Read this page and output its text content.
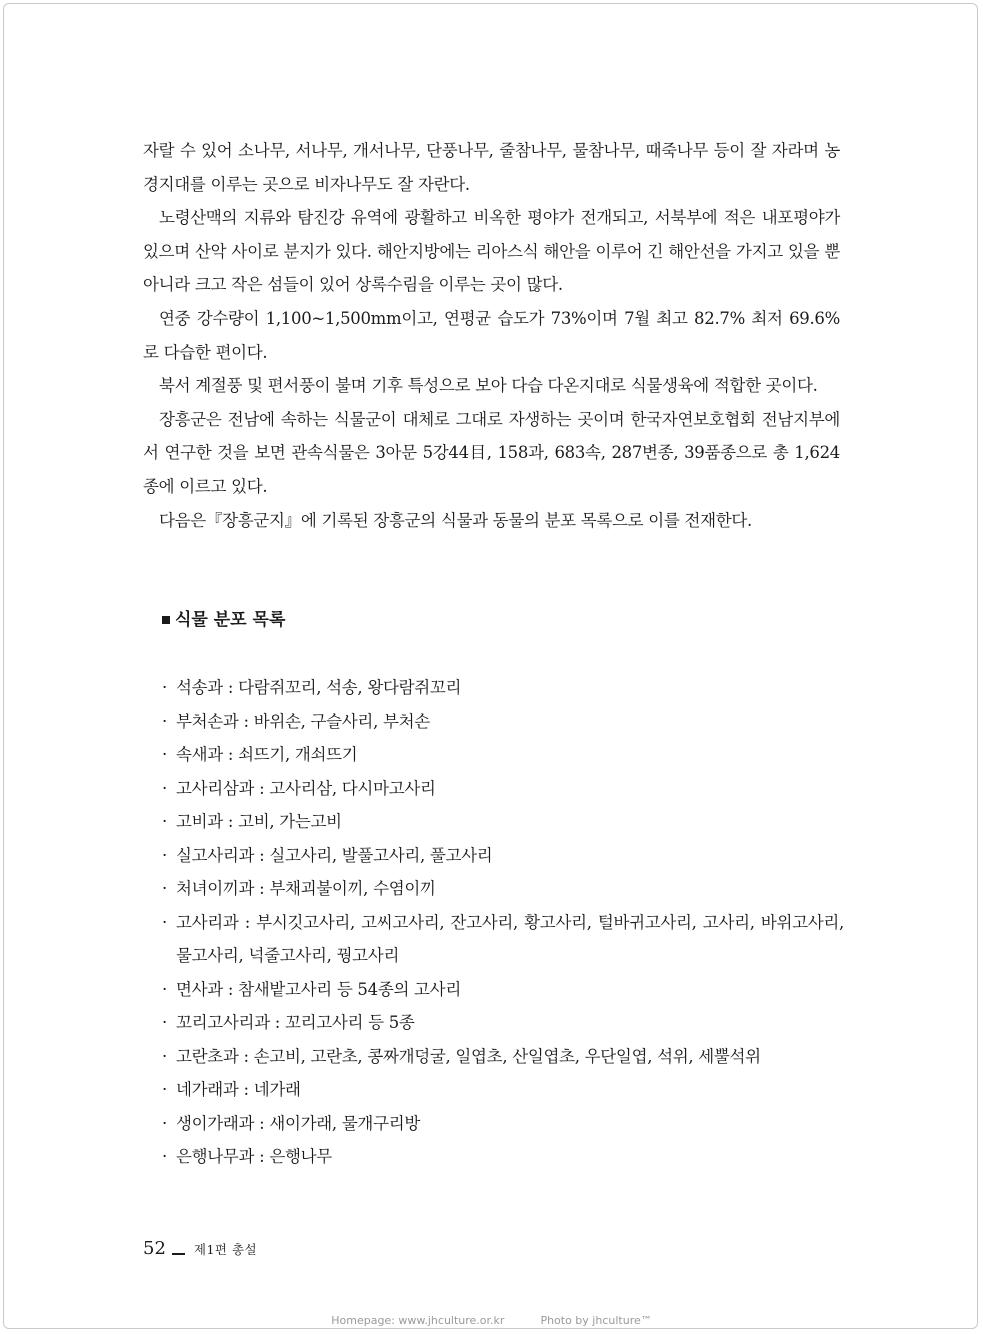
자랄 수 있어 소나무, 서나무, 개서나무, 단풍나무, 줄참나무, 물참나무, 때죽나무 등이 잘 자라며 농경지대를 이루는 곳으로 비자나무도 잘 자란다.

노령산맥의 지류와 탐진강 유역에 광활하고 비옥한 평야가 전개되고, 서북부에 적은 내포평야가 있으며 산악 사이로 분지가 있다. 해안지방에는 리아스식 해안을 이루어 긴 해안선을 가지고 있을 뿐 아니라 크고 작은 섬들이 있어 상록수림을 이루는 곳이 많다.

연중 강수량이 1,100~1,500mm이고, 연평균 습도가 73%이며 7월 최고 82.7% 최저 69.6%로 다습한 편이다.

북서 계절풍 및 편서풍이 불며 기후 특성으로 보아 다습 다온지대로 식물생육에 적합한 곳이다.

장흥군은 전남에 속하는 식물군이 대체로 그대로 자생하는 곳이며 한국자연보호협회 전남지부에서 연구한 것을 보면 관속식물은 3아문 5강44目, 158과, 683속, 287변종, 39품종으로 총 1,624종에 이르고 있다.

다음은『장흥군지』에 기록된 장흥군의 식물과 동물의 분포 목록으로 이를 전재한다.

식물 분포 목록
· 석송과 : 다람쥐꼬리, 석송, 왕다람쥐꼬리
· 부처손과 : 바위손, 구슬사리, 부처손
· 속새과 : 쇠뜨기, 개쇠뜨기
· 고사리삼과 : 고사리삼, 다시마고사리
· 고비과 : 고비, 가는고비
· 실고사리과 : 실고사리, 발풀고사리, 풀고사리
· 처녀이끼과 : 부채괴불이끼, 수염이끼
· 고사리과 : 부시깃고사리, 고씨고사리, 잔고사리, 황고사리, 털바귀고사리, 고사리, 바위고사리, 물고사리, 넉줄고사리, 꿩고사리
· 면사과 : 참새밭고사리 등 54종의 고사리
· 꼬리고사리과 : 꼬리고사리 등 5종
· 고란초과 : 손고비, 고란초, 콩짜개덩굴, 일엽초, 산일엽초, 우단일엽, 석위, 세뿔석위
· 네가래과 : 네가래
· 생이가래과 : 새이가래, 물개구리방
· 은행나무과 : 은행나무
52 제1편 총설
Homepage: www.jhculture.or.kr	Photo by jhculture™
